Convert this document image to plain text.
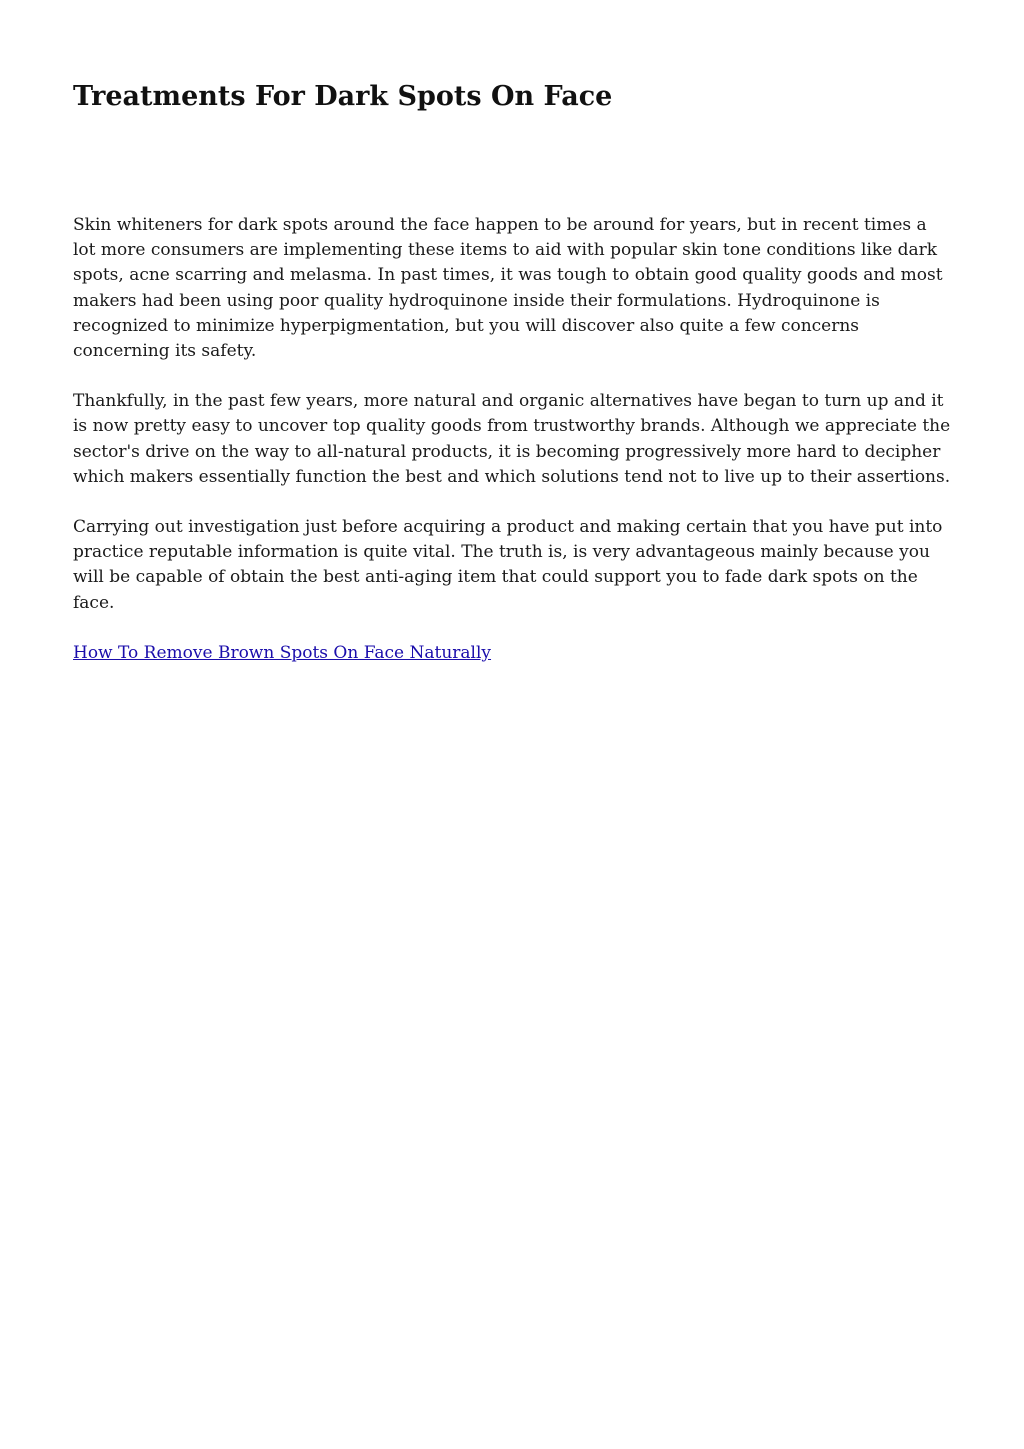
Treatments For Dark Spots On Face

Skin whiteners for dark spots around the face happen to be around for years, but in recent times a lot more consumers are implementing these items to aid with popular skin tone conditions like dark spots, acne scarring and melasma. In past times, it was tough to obtain good quality goods and most makers had been using poor quality hydroquinone inside their formulations. Hydroquinone is recognized to minimize hyperpigmentation, but you will discover also quite a few concerns concerning its safety.

Thankfully, in the past few years, more natural and organic alternatives have began to turn up and it is now pretty easy to uncover top quality goods from trustworthy brands. Although we appreciate the sector's drive on the way to all-natural products, it is becoming progressively more hard to decipher which makers essentially function the best and which solutions tend not to live up to their assertions.

Carrying out investigation just before acquiring a product and making certain that you have put into practice reputable information is quite vital. The truth is, is very advantageous mainly because you will be capable of obtain the best anti-aging item that could support you to fade dark spots on the face.

How To Remove Brown Spots On Face Naturally
